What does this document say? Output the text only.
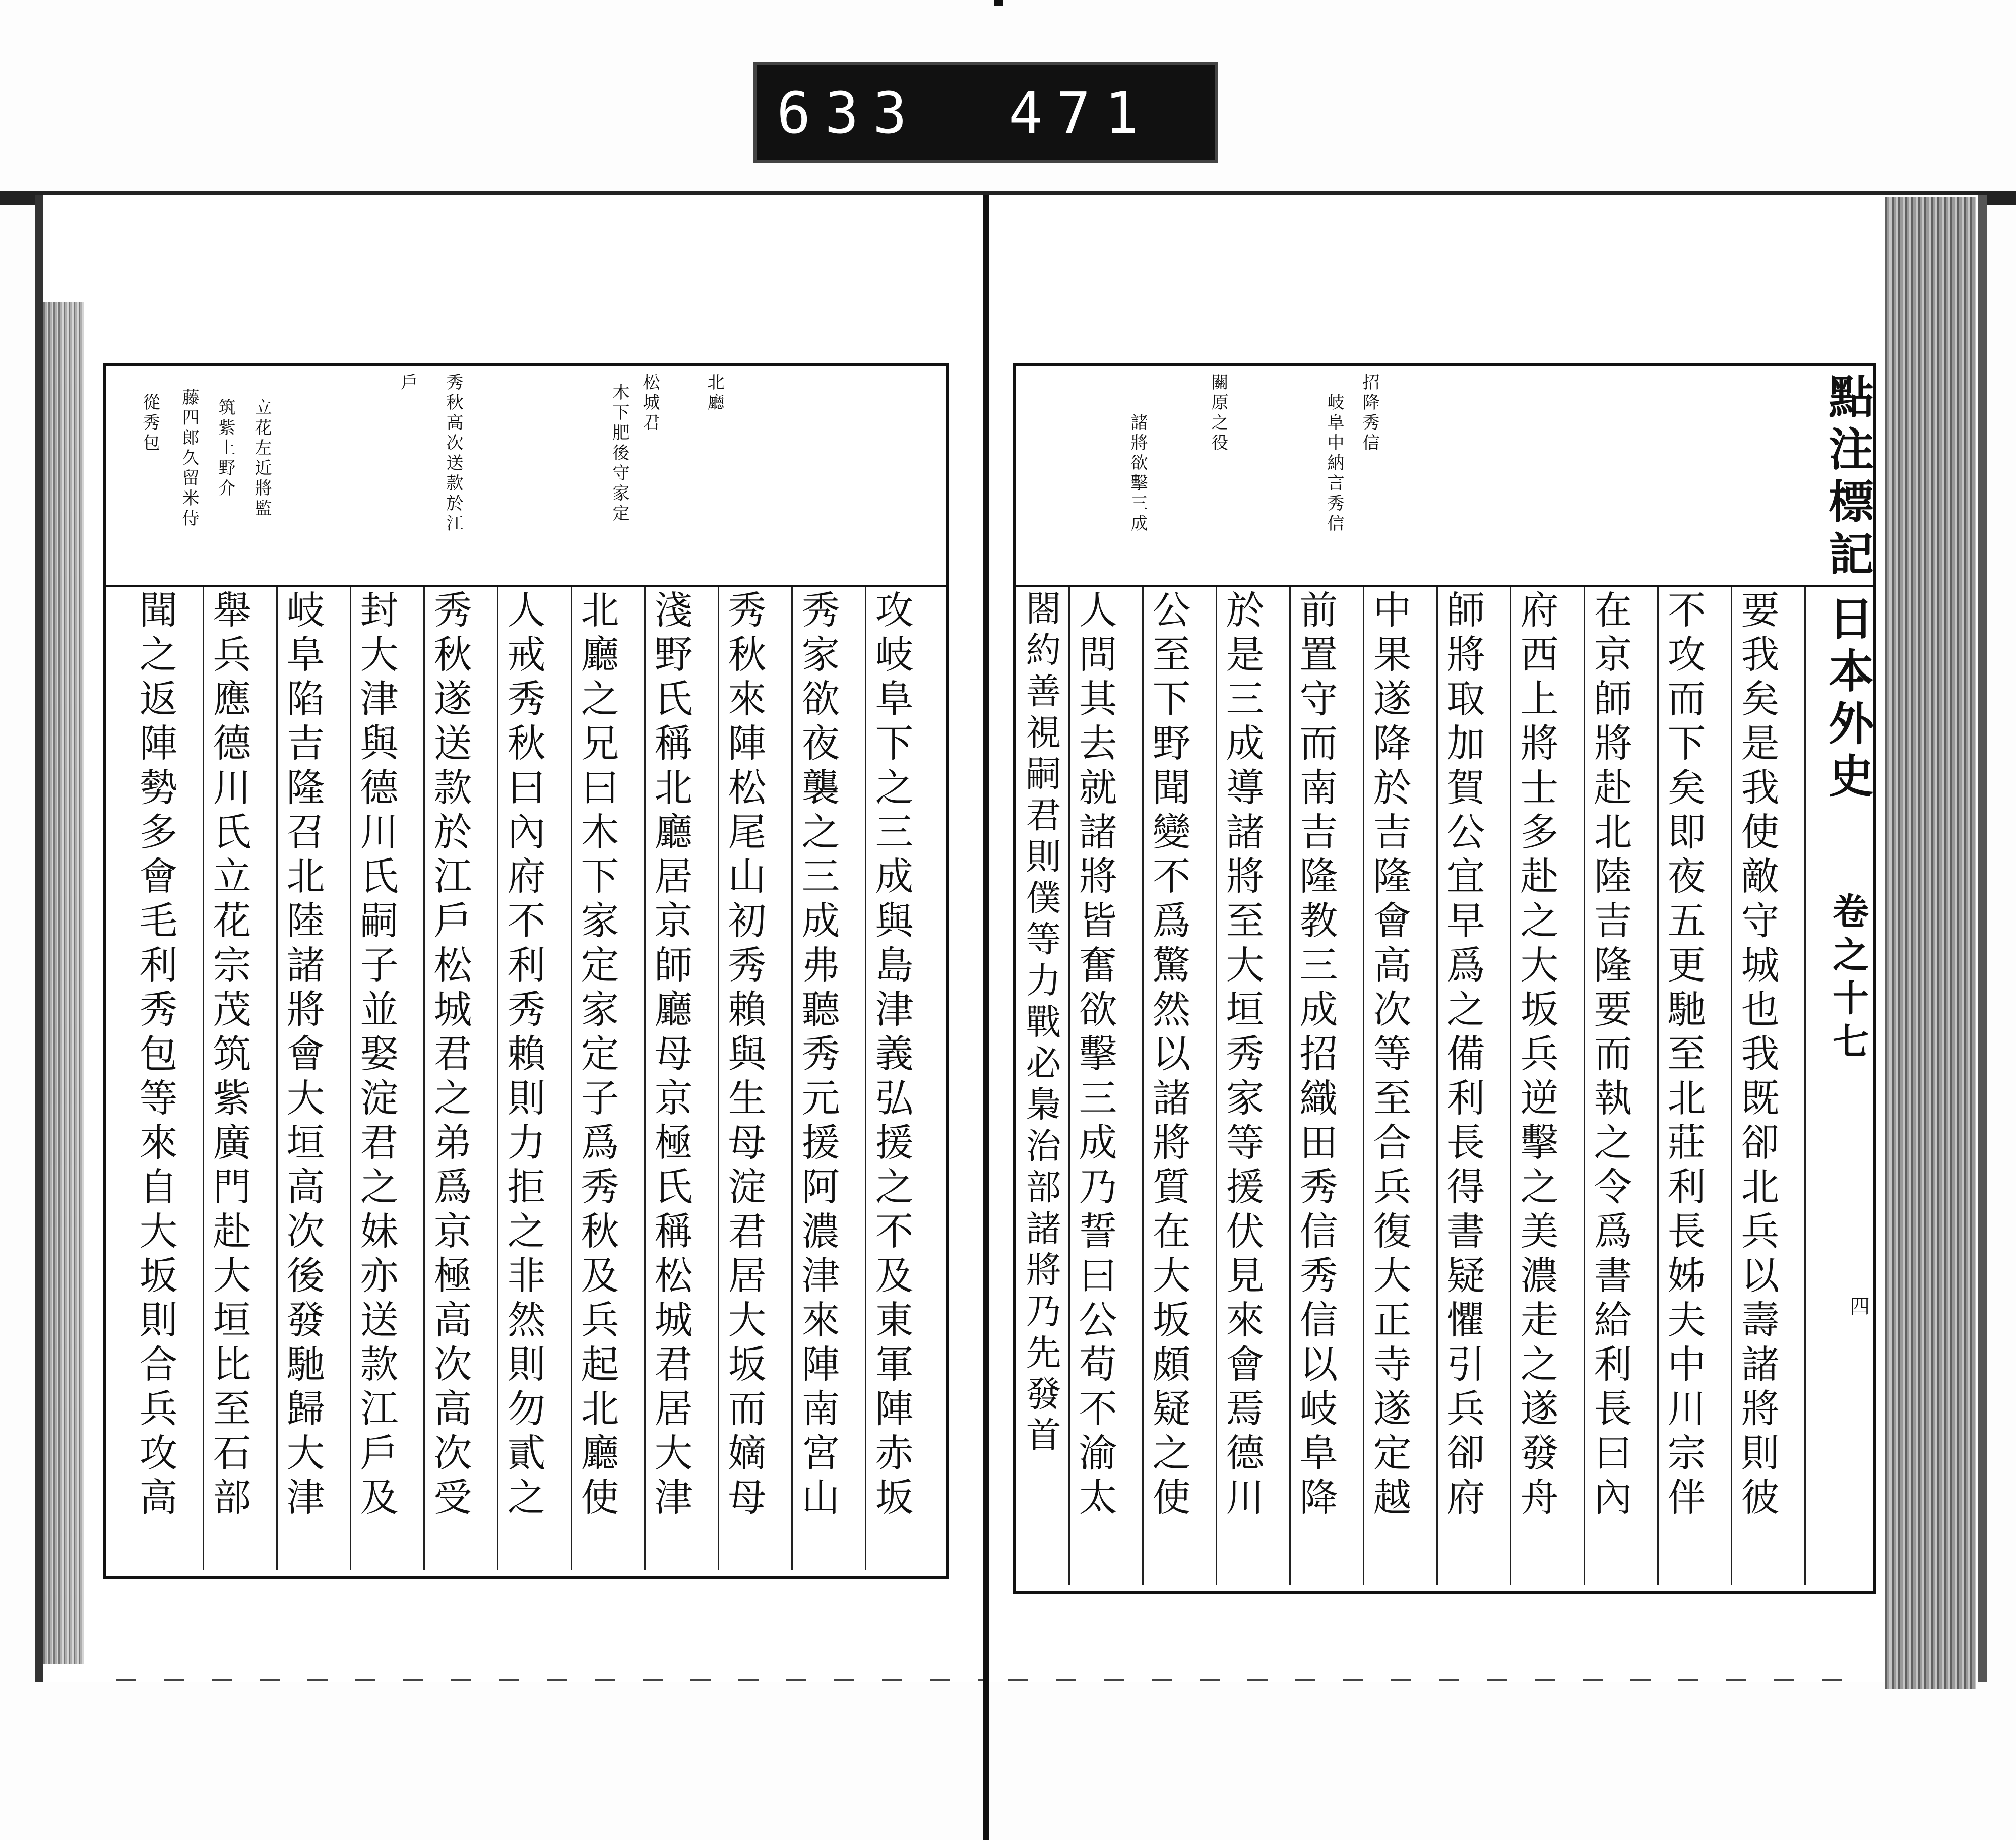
633 471
北廳
松城君
木下肥後守家定
秀秋高次送款於江
戶
立花左近將監
筑紫上野介
藤四郎久留米侍
從秀包
攻岐阜下之三成與島津義弘援之不及東軍陣赤坂
秀家欲夜襲之三成弗聽秀元援阿濃津來陣南宮山
秀秋來陣松尾山初秀賴與生母淀君居大坂而嫡母
淺野氏稱北廳居京師廳母京極氏稱松城君居大津
北廳之兄曰木下家定家定子爲秀秋及兵起北廳使
人戒秀秋曰內府不利秀賴則力拒之非然則勿貳之
秀秋遂送款於江戶松城君之弟爲京極高次高次受
封大津與德川氏嗣子並娶淀君之妹亦送款江戶及
岐阜陷吉隆召北陸諸將會大垣高次後發馳歸大津
舉兵應德川氏立花宗茂筑紫廣門赴大垣比至石部
聞之返陣勢多會毛利秀包等來自大坂則合兵攻高
點注標記
日本外史
卷之十七
四
招降秀信
岐阜中納言秀信
關原之役
諸將欲擊三成
要我矣是我使敵守城也我既卻北兵以壽諸將則彼
不攻而下矣即夜五更馳至北莊利長姊夫中川宗伴
在京師將赴北陸吉隆要而執之令爲書給利長曰內
府西上將士多赴之大坂兵逆擊之美濃走之遂發舟
師將取加賀公宜早爲之備利長得書疑懼引兵卻府
中果遂降於吉隆會高次等至合兵復大正寺遂定越
前置守而南吉隆教三成招織田秀信秀信以岐阜降
於是三成導諸將至大垣秀家等援伏見來會焉德川
公至下野聞變不爲驚然以諸將質在大坂頗疑之使
人問其去就諸將皆奮欲擊三成乃誓曰公苟不渝太
閤約善視嗣君則僕等力戰必梟治部諸將乃先發首
